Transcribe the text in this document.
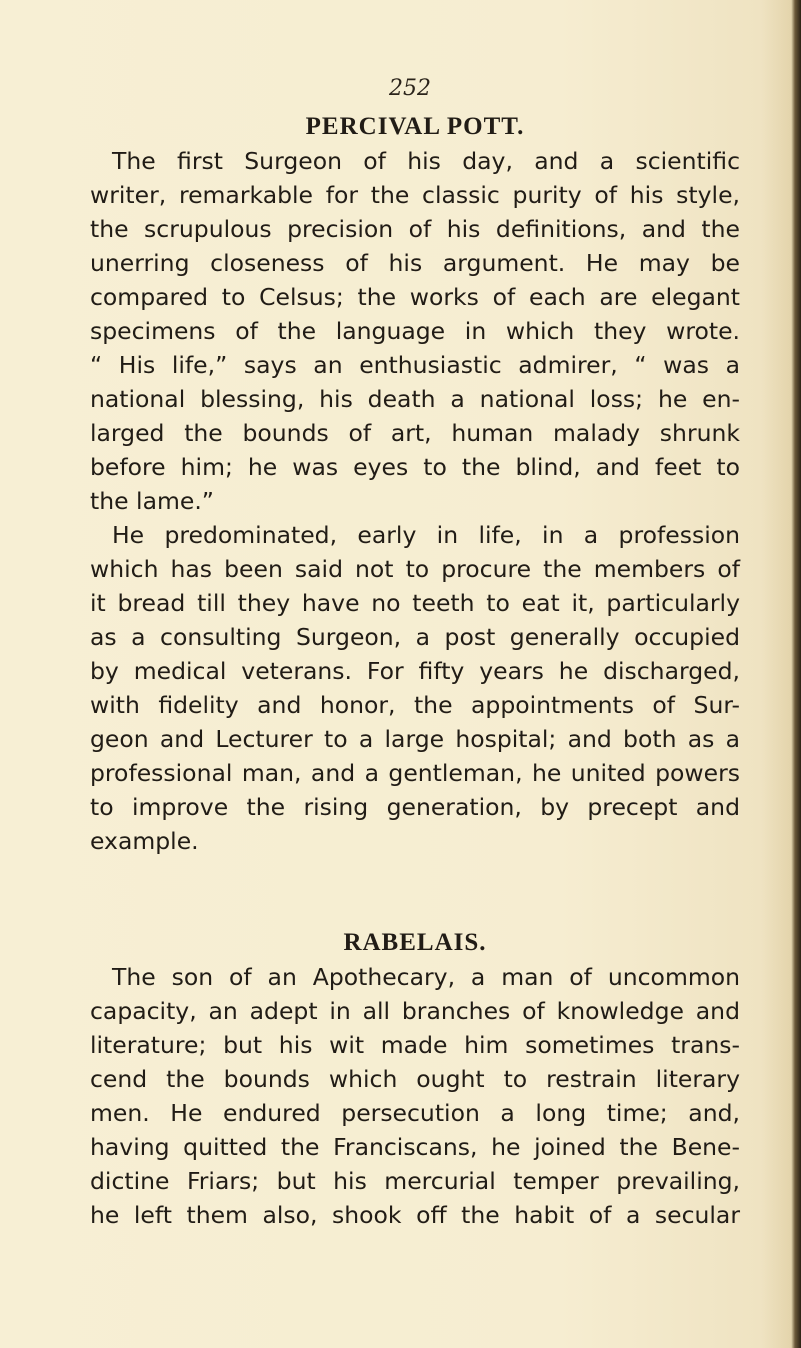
252
PERCIVAL POTT.

The first Surgeon of his day, and a scientific
writer, remarkable for the classic purity of his style,
the scrupulous precision of his definitions, and the
unerring closeness of his argument. He may be
compared to Celsus; the works of each are elegant
specimens of the language in which they wrote.
“ His life,” says an enthusiastic admirer, “ was a
national blessing, his death a national loss; he en-
larged the bounds of art, human malady shrunk
before him; he was eyes to the blind, and feet to
the lame.”

He predominated, early in life, in a profession
which has been said not to procure the members of
it bread till they have no teeth to eat it, particularly
as a consulting Surgeon, a post generally occupied
by medical veterans. For fifty years he discharged,
with fidelity and honor, the appointments of Sur-
geon and Lecturer to a large hospital; and both as a
professional man, and a gentleman, he united powers
to improve the rising generation, by precept and
example.

RABELAIS.

The son of an Apothecary, a man of uncommon
capacity, an adept in all branches of knowledge and
literature; but his wit made him sometimes trans-
cend the bounds which ought to restrain literary
men. He endured persecution a long time; and,
having quitted the Franciscans, he joined the Bene-
dictine Friars; but his mercurial temper prevailing,
he left them also, shook off the habit of a secular
